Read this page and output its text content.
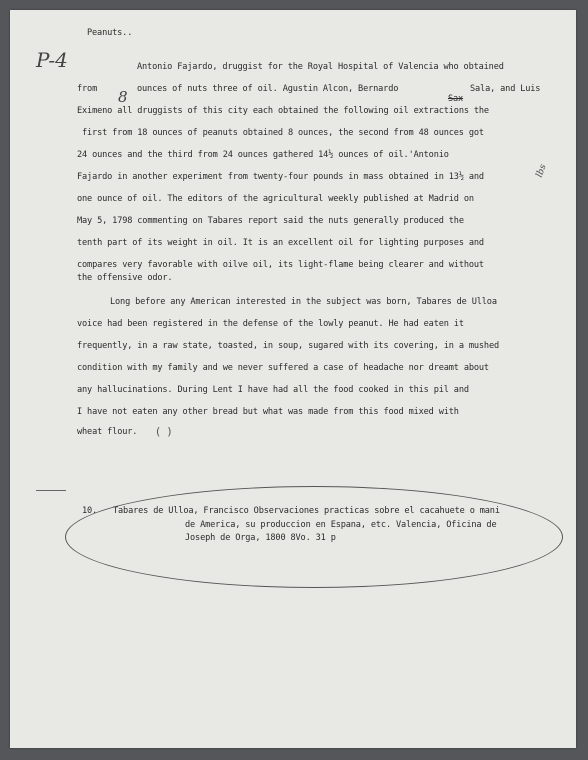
P-4
Peanuts..
Antonio Fajardo, druggist for the Royal Hospital of Valencia who obtained
from	ounces of nuts three of oil. Agustin Alcon, Bernardo	Sala, and Luis
Eximeno all druggists of this city each obtained the following oil extractions the
first from 18 ounces of peanuts obtained 8 ounces, the second from 48 ounces got
24 ounces and the third from 24 ounces gathered 14½ ounces of oil.'Antonio
Fajardo in another experiment from twenty-four pounds in mass obtained in 13½ and
one ounce of oil. The editors of the agricultural weekly published at Madrid on
May 5, 1798 commenting on Tabares report said the nuts generally produced the
tenth part of its weight in oil. It is an excellent oil for lighting purposes and
compares very favorable with oilve oil, its light-flame being clearer and without
the offensive odor.
Long before any American interested in the subject was born, Tabares de Ulloa
voice had been registered in the defense of the lowly peanut. He had eaten it
frequently, in a raw state, toasted, in soup, sugared with its covering, in a mushed
condition with my family and we never suffered a case of headache nor dreamt about
any hallucinations. During Lent I have had all the food cooked in this pil and
I have not eaten any other bread but what was made from this food mixed with
wheat flour.
8	Sax
lbs
(  )
10. Tabares de Ulloa, Francisco Observaciones practicas sobre el cacahuete o mani
de America, su produccion en Espana, etc. Valencia, Oficina de
Joseph de Orga, 1800 8Vo. 31 p
